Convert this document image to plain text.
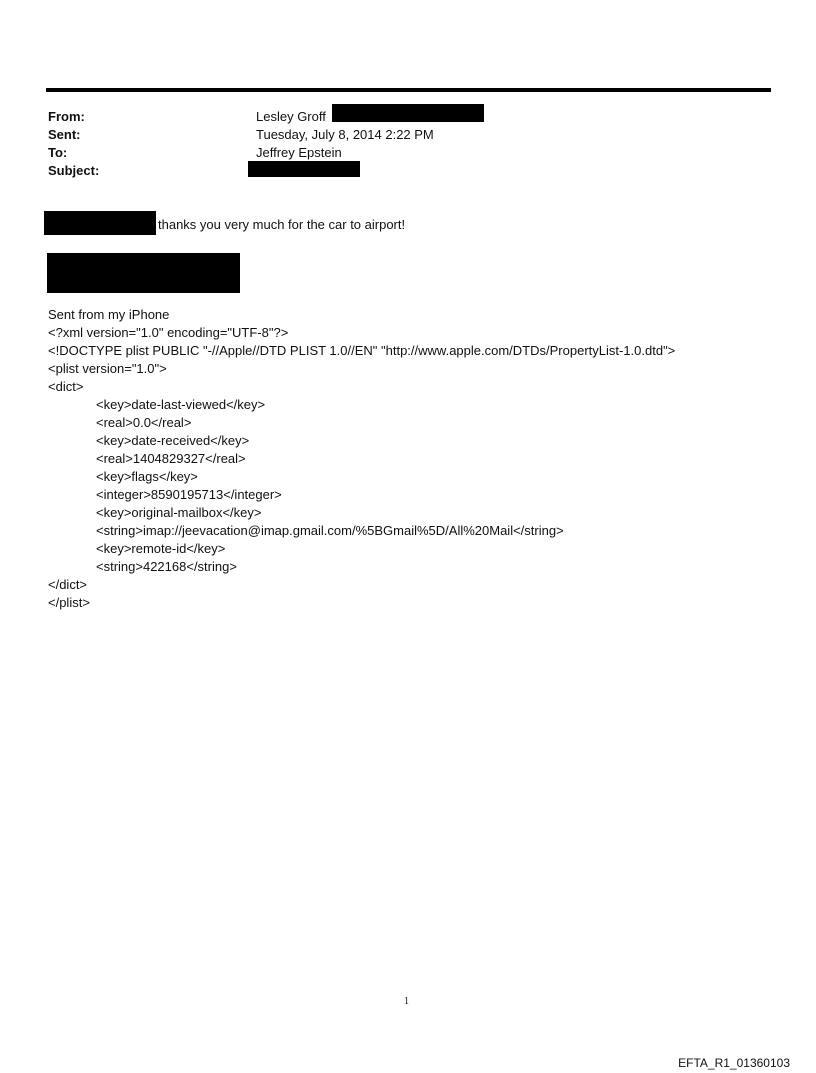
From:
Sent:
To:
Subject:
Lesley Groff
Tuesday, July 8, 2014 2:22 PM
Jeffrey Epstein
thanks you very much for the car to airport!
Sent from my iPhone
<?xml version="1.0" encoding="UTF-8"?>
<!DOCTYPE plist PUBLIC "-//Apple//DTD PLIST 1.0//EN" "http://www.apple.com/DTDs/PropertyList-1.0.dtd">
<plist version="1.0">
<dict>
<key>date-last-viewed</key>
<real>0.0</real>
<key>date-received</key>
<real>1404829327</real>
<key>flags</key>
<integer>8590195713</integer>
<key>original-mailbox</key>
<string>imap://jeevacation@imap.gmail.com/%5BGmail%5D/All%20Mail</string>
<key>remote-id</key>
<string>422168</string>
</dict>
</plist>
1
EFTA_R1_01360103
